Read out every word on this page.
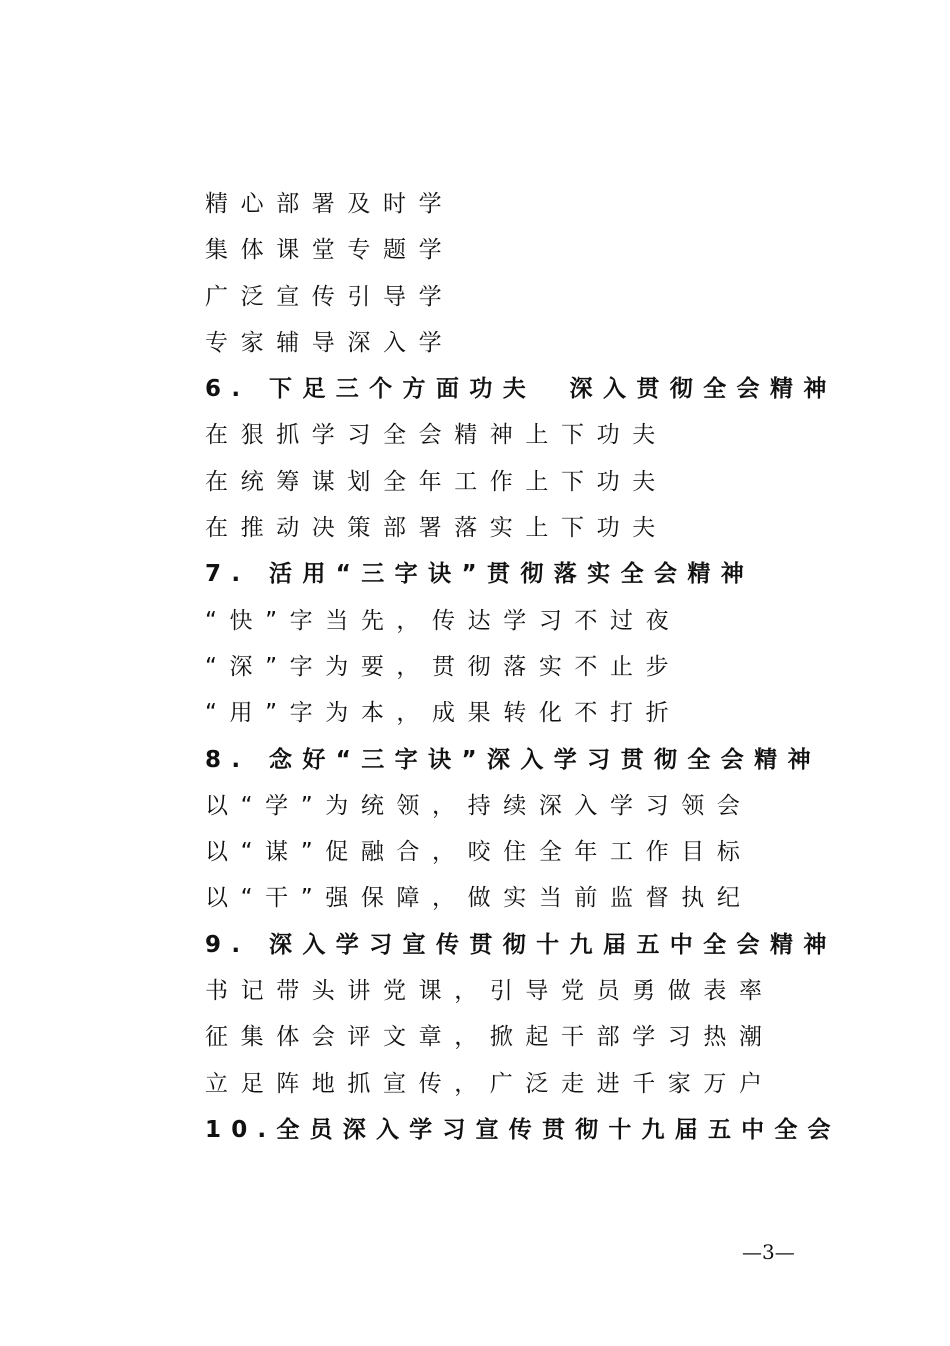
精心部署及时学
集体课堂专题学
广泛宣传引导学
专家辅导深入学
6. 下足三个方面功夫　深入贯彻全会精神
在狠抓学习全会精神上下功夫
在统筹谋划全年工作上下功夫
在推动决策部署落实上下功夫
7. 活用“三字诀”贯彻落实全会精神
“快”字当先，传达学习不过夜
“深”字为要，贯彻落实不止步
“用”字为本，成果转化不打折
8. 念好“三字诀”深入学习贯彻全会精神
以“学”为统领，持续深入学习领会
以“谋”促融合，咬住全年工作目标
以“干”强保障，做实当前监督执纪
9. 深入学习宣传贯彻十九届五中全会精神
书记带头讲党课，引导党员勇做表率
征集体会评文章，掀起干部学习热潮
立足阵地抓宣传，广泛走进千家万户
10.全员深入学习宣传贯彻十九届五中全会
—3—
